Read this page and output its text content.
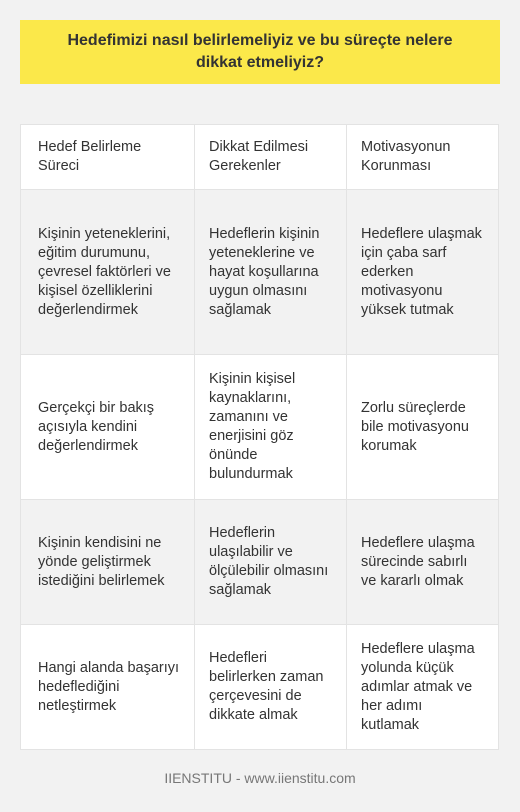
Hedefimizi nasıl belirlemeliyiz ve bu süreçte nelere dikkat etmeliyiz?
Hedef Belirleme Süreci
Dikkat Edilmesi Gerekenler
Motivasyonun Korunması
Kişinin yeteneklerini, eğitim durumunu, çevresel faktörleri ve kişisel özelliklerini değerlendirmek
Hedeflerin kişinin yeteneklerine ve hayat koşullarına uygun olmasını sağlamak
Hedeflere ulaşmak için çaba sarf ederken motivasyonu yüksek tutmak
Gerçekçi bir bakış açısıyla kendini değerlendirmek
Kişinin kişisel kaynaklarını, zamanını ve enerjisini göz önünde bulundurmak
Zorlu süreçlerde bile motivasyonu korumak
Kişinin kendisini ne yönde geliştirmek istediğini belirlemek
Hedeflerin ulaşılabilir ve ölçülebilir olmasını sağlamak
Hedeflere ulaşma sürecinde sabırlı ve kararlı olmak
Hangi alanda başarıyı hedeflediğini netleştirmek
Hedefleri belirlerken zaman çerçevesini de dikkate almak
Hedeflere ulaşma yolunda küçük adımlar atmak ve her adımı kutlamak
IIENSTITU - www.iienstitu.com
